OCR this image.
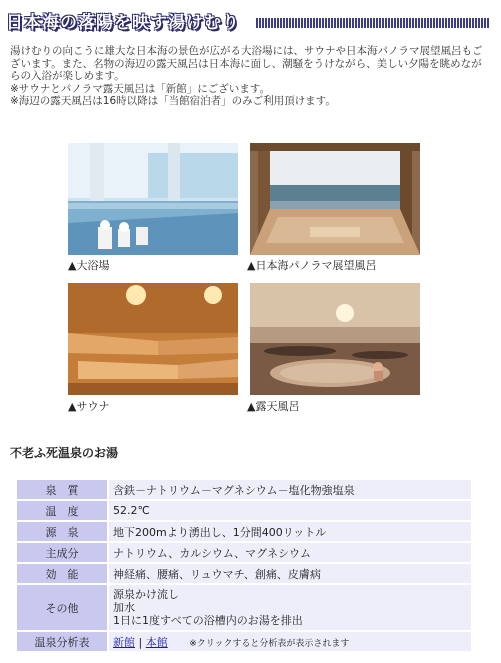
日本海の落陽を映す湯けむり

湯けむりの向こうに雄大な日本海の景色が広がる大浴場には、サウナや日本海パノラマ展望風呂もございます。また、名物の海辺の露天風呂は日本海に面し、潮騒をうけながら、美しい夕陽を眺めながらの入浴が楽しめます。

※サウナとパノラマ露天風呂は「新館」にございます。

※海辺の露天風呂は16時以降は「当館宿泊者」のみご利用頂けます。

▲大浴場	▲日本海パノラマ展望風呂
▲サウナ	▲露天風呂
不老ふ死温泉のお湯
泉　質	含鉄－ナトリウム－マグネシウム－塩化物強塩泉
温　度	52.2℃
源　泉	地下200mより湧出し、1分間400リットル
主成分	ナトリウム、カルシウム、マグネシウム
効　能	神経痛、腰痛、リュウマチ、創痛、皮膚病
その他	源泉かけ流し
加水
1日に1度すべての浴槽内のお湯を排出

温泉分析表	新館 | 本館 ※クリックすると分析表が表示されます
